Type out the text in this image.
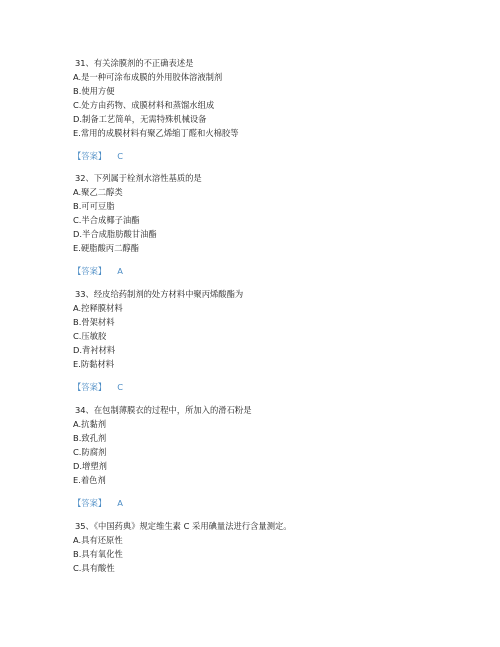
31、有关涂膜剂的不正确表述是
A.是一种可涂布成膜的外用胶体溶液制剂
B.使用方便
C.处方由药物、成膜材料和蒸馏水组成
D.制备工艺简单，无需特殊机械设备
E.常用的成膜材料有聚乙烯缩丁醛和火棉胶等
【答案】 C
32、下列属于栓剂水溶性基质的是
A.聚乙二醇类
B.可可豆脂
C.半合成椰子油酯
D.半合成脂肪酸甘油酯
E.硬脂酸丙二醇酯
【答案】 A
33、经皮给药制剂的处方材料中聚丙烯酸酯为
A.控释膜材料
B.骨架材料
C.压敏胶
D.背衬材料
E.防黏材料
【答案】 C
34、在包制薄膜衣的过程中，所加入的滑石粉是
A.抗黏剂
B.致孔剂
C.防腐剂
D.增塑剂
E.着色剂
【答案】 A
35、《中国药典》规定维生素 C 采用碘量法进行含量测定。
A.具有还原性
B.具有氧化性
C.具有酸性
